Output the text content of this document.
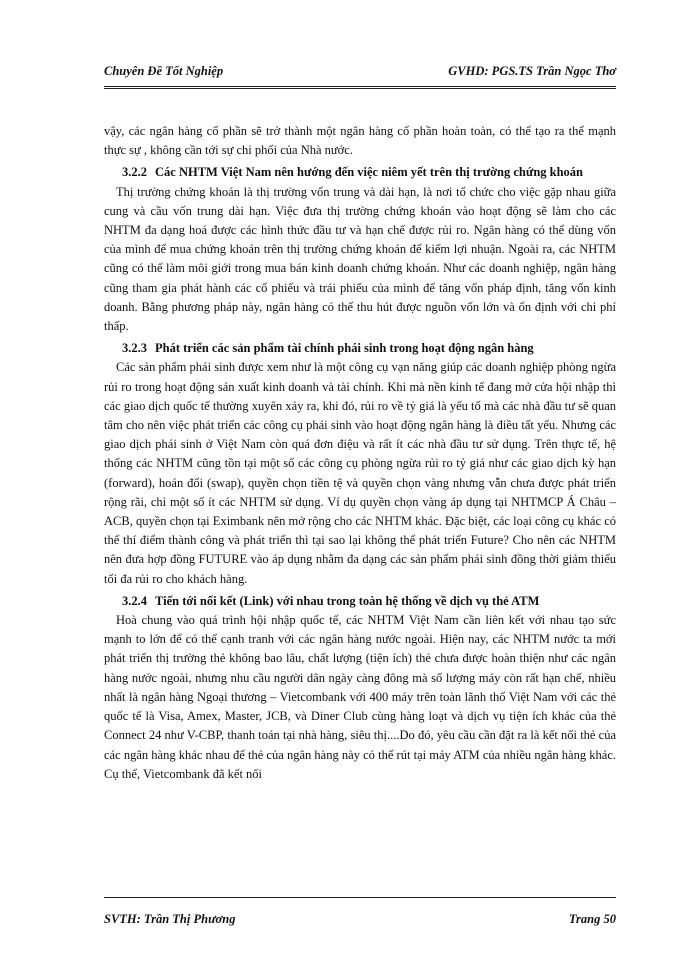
Chuyên Đề Tốt Nghiệp	GVHD: PGS.TS Trần Ngọc Thơ

vậy, các ngân hàng cổ phần sẽ trở thành một ngân hàng cổ phần hoàn toàn, có thể tạo ra thế mạnh thực sự , không cần tới sự chi phối của Nhà nước.

3.2.2 Các NHTM Việt Nam nên hướng đến việc niêm yết trên thị trường chứng khoán

Thị trường chứng khoán là thị trường vốn trung và dài hạn, là nơi tổ chức cho việc gặp nhau giữa cung và cầu vốn trung dài hạn. Việc đưa thị trường chứng khoán vào hoạt động sẽ làm cho các NHTM đa dạng hoá được các hình thức đầu tư và hạn chế được rủi ro. Ngân hàng có thể dùng vốn của mình để mua chứng khoán trên thị trường chứng khoán để kiếm lợi nhuận. Ngoài ra, các NHTM cũng có thể làm môi giới trong mua bán kinh doanh chứng khoán. Như các doanh nghiệp, ngân hàng cũng tham gia phát hành các cổ phiếu và trái phiếu của mình để tăng vốn pháp định, tăng vốn kinh doanh. Bằng phương pháp này, ngân hàng có thể thu hút được nguồn vốn lớn và ổn định với chi phí thấp.

3.2.3 Phát triển các sản phẩm tài chính phái sinh trong hoạt động ngân hàng

Các sản phẩm phái sinh được xem như là một công cụ vạn năng giúp các doanh nghiệp phòng ngừa rủi ro trong hoạt động sản xuất kinh doanh và tài chính. Khi mà nền kinh tế đang mở cửa hội nhập thì các giao dịch quốc tế thường xuyên xảy ra, khi đó, rủi ro về tỷ giá là yếu tố mà các nhà đầu tư sẽ quan tâm cho nên việc phát triển các công cụ phái sinh vào hoạt động ngân hàng là điều tất yếu. Nhưng các giao dịch phái sinh ở Việt Nam còn quá đơn điệu và rất ít các nhà đầu tư sử dụng. Trên thực tế, hệ thống các NHTM cũng tồn tại một số các công cụ phòng ngừa rủi ro tỷ giá như các giao dịch kỳ hạn (forward), hoán đổi (swap), quyền chọn tiền tệ và quyền chọn vàng nhưng vẫn chưa được phát triển rộng rãi, chỉ một số ít các NHTM sử dụng. Ví dụ quyền chọn vàng áp dụng tại NHTMCP Á Châu – ACB, quyền chọn tại Eximbank nên mở rộng cho các NHTM khác. Đặc biệt, các loại công cụ khác có thể thí điểm thành công và phát triển thì tại sao lại không thể phát triển Future? Cho nên các NHTM nên đưa hợp đồng FUTURE vào áp dụng nhằm đa dạng các sản phẩm phái sinh đồng thời giảm thiểu tối đa rủi ro cho khách hàng.

3.2.4 Tiến tới nối kết (Link) với nhau trong toàn hệ thống về dịch vụ thẻ ATM

Hoà chung vào quá trình hội nhập quốc tế, các NHTM Việt Nam cần liên kết với nhau tạo sức mạnh to lớn để có thể cạnh tranh với các ngân hàng nước ngoài. Hiện nay, các NHTM nước ta mới phát triển thị trường thẻ không bao lâu, chất lượng (tiện ích) thẻ chưa được hoàn thiện như các ngân hàng nước ngoài, nhưng nhu cầu người dân ngày càng đông mà số lượng máy còn rất hạn chế, nhiều nhất là ngân hàng Ngoại thương – Vietcombank với 400 máy trên toàn lãnh thổ Việt Nam với các thẻ quốc tế là Visa, Amex, Master, JCB, và Diner Club cùng hàng loạt và dịch vụ tiện ích khác của thẻ Connect 24 như V-CBP, thanh toán tại nhà hàng, siêu thị....Do đó, yêu cầu cần đặt ra là kết nối thẻ của các ngân hàng khác nhau để thẻ của ngân hàng này có thể rút tại máy ATM của nhiều ngân hàng khác. Cụ thể, Vietcombank đã kết nối

SVTH: Trần Thị Phương	Trang 50
